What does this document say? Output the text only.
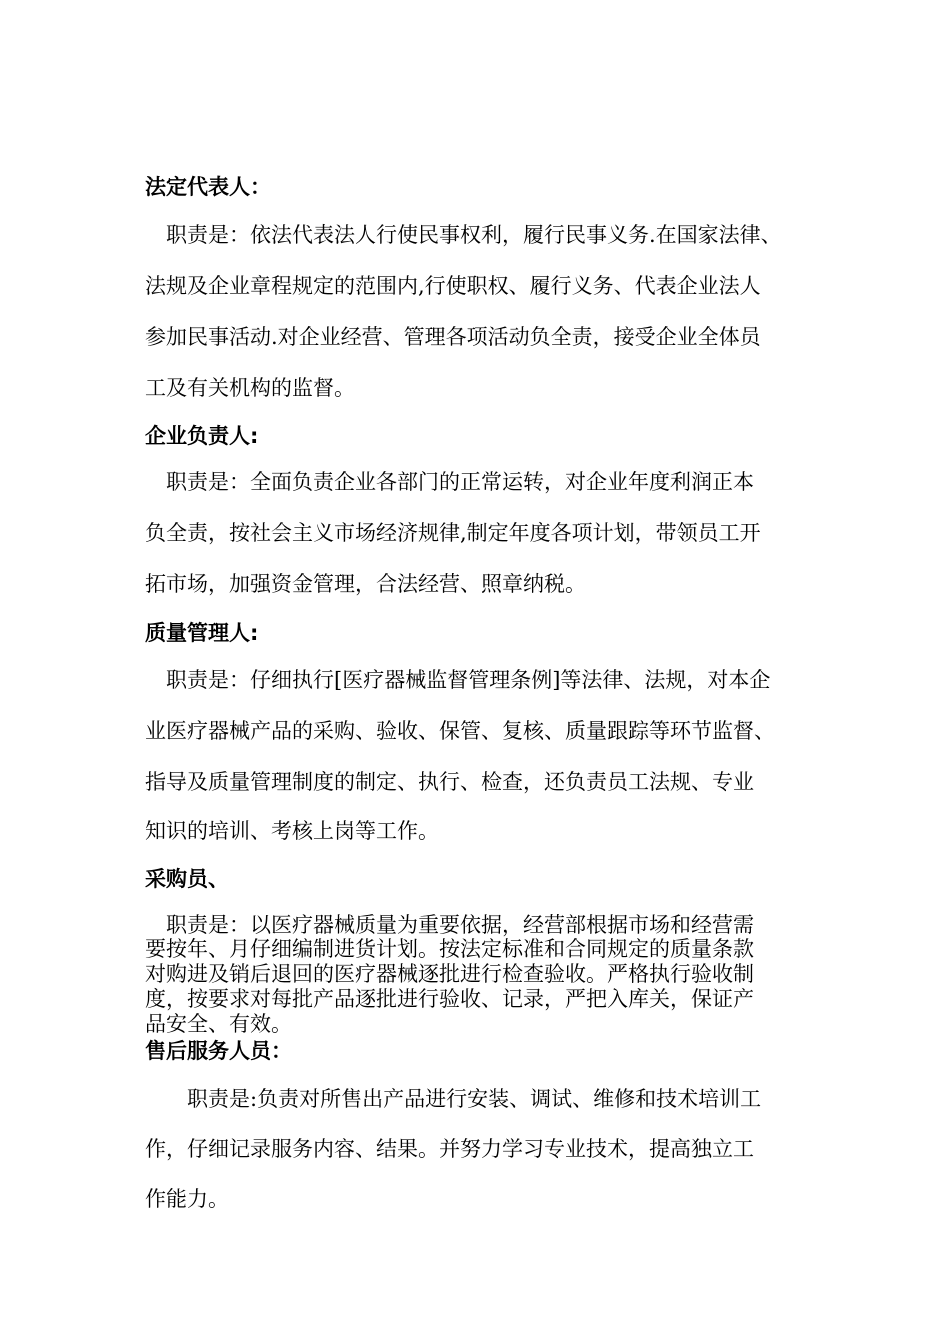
法定代表人：

　职责是：依法代表法人行使民事权利，履行民事义务.在国家法律、

法规及企业章程规定的范围内,行使职权、履行义务、代表企业法人

参加民事活动.对企业经营、管理各项活动负全责，接受企业全体员

工及有关机构的监督。

企业负责人:

　职责是：全面负责企业各部门的正常运转，对企业年度利润正本

负全责，按社会主义市场经济规律,制定年度各项计划，带领员工开

拓市场，加强资金管理，合法经营、照章纳税。

质量管理人:

　职责是：仔细执行[医疗器械监督管理条例]等法律、法规，对本企

业医疗器械产品的采购、验收、保管、复核、质量跟踪等环节监督、

指导及质量管理制度的制定、执行、检查，还负责员工法规、专业

知识的培训、考核上岗等工作。

采购员、

　职责是：以医疗器械质量为重要依据，经营部根据市场和经营需

要按年、月仔细编制进货计划。按法定标准和合同规定的质量条款

对购进及销后退回的医疗器械逐批进行检查验收。严格执行验收制

度，按要求对每批产品逐批进行验收、记录，严把入库关，保证产

品安全、有效。

售后服务人员：

　　职责是:负责对所售出产品进行安装、调试、维修和技术培训工

作，仔细记录服务内容、结果。并努力学习专业技术，提高独立工

作能力。
